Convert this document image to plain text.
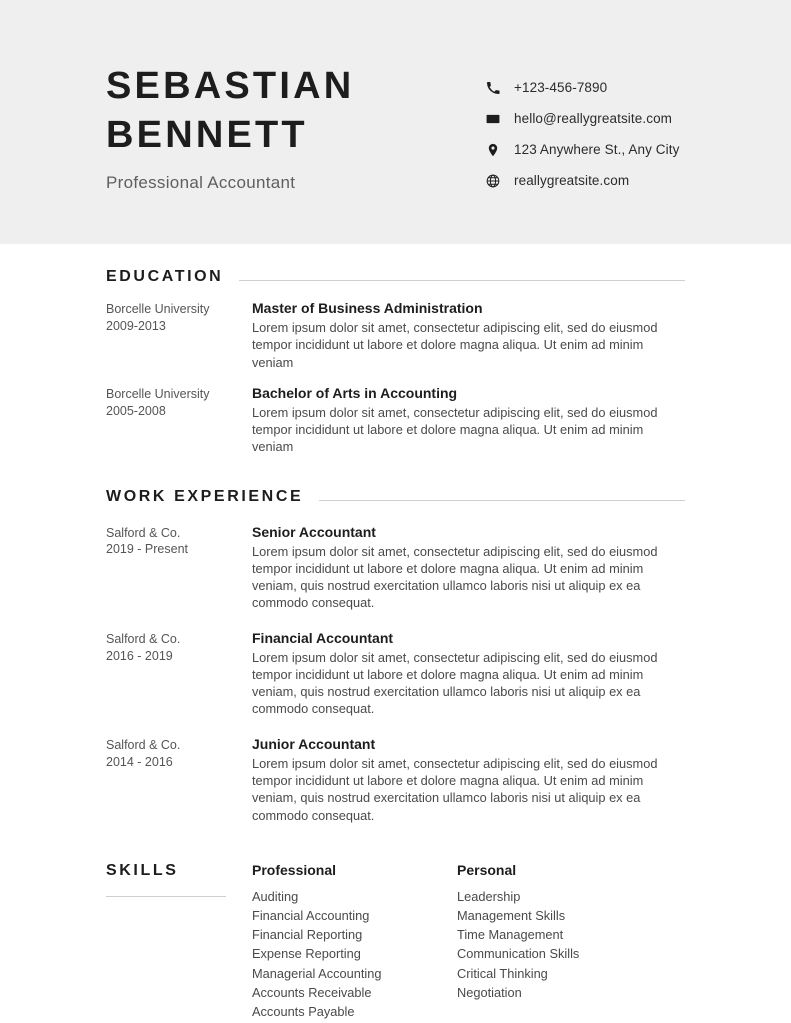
SEBASTIAN
BENNETT
Professional Accountant
+123-456-7890
hello@reallygreatsite.com
123 Anywhere St., Any City
reallygreatsite.com
EDUCATION
Borcelle University
2009-2013
Master of Business Administration
Lorem ipsum dolor sit amet, consectetur adipiscing elit, sed do eiusmod tempor incididunt ut labore et dolore magna aliqua. Ut enim ad minim veniam
Borcelle University
2005-2008
Bachelor of Arts in Accounting
Lorem ipsum dolor sit amet, consectetur adipiscing elit, sed do eiusmod tempor incididunt ut labore et dolore magna aliqua. Ut enim ad minim veniam
WORK EXPERIENCE
Salford & Co.
2019 - Present
Senior Accountant
Lorem ipsum dolor sit amet, consectetur adipiscing elit, sed do eiusmod tempor incididunt ut labore et dolore magna aliqua. Ut enim ad minim veniam, quis nostrud exercitation ullamco laboris nisi ut aliquip ex ea commodo consequat.
Salford & Co.
2016 - 2019
Financial Accountant
Lorem ipsum dolor sit amet, consectetur adipiscing elit, sed do eiusmod tempor incididunt ut labore et dolore magna aliqua. Ut enim ad minim veniam, quis nostrud exercitation ullamco laboris nisi ut aliquip ex ea commodo consequat.
Salford & Co.
2014 - 2016
Junior Accountant
Lorem ipsum dolor sit amet, consectetur adipiscing elit, sed do eiusmod tempor incididunt ut labore et dolore magna aliqua. Ut enim ad minim veniam, quis nostrud exercitation ullamco laboris nisi ut aliquip ex ea commodo consequat.
SKILLS	Professional
Auditing
Financial Accounting
Financial Reporting
Expense Reporting
Managerial Accounting
Accounts Receivable
Accounts Payable
Personal
Leadership
Management Skills
Time Management
Communication Skills
Critical Thinking
Negotiation
